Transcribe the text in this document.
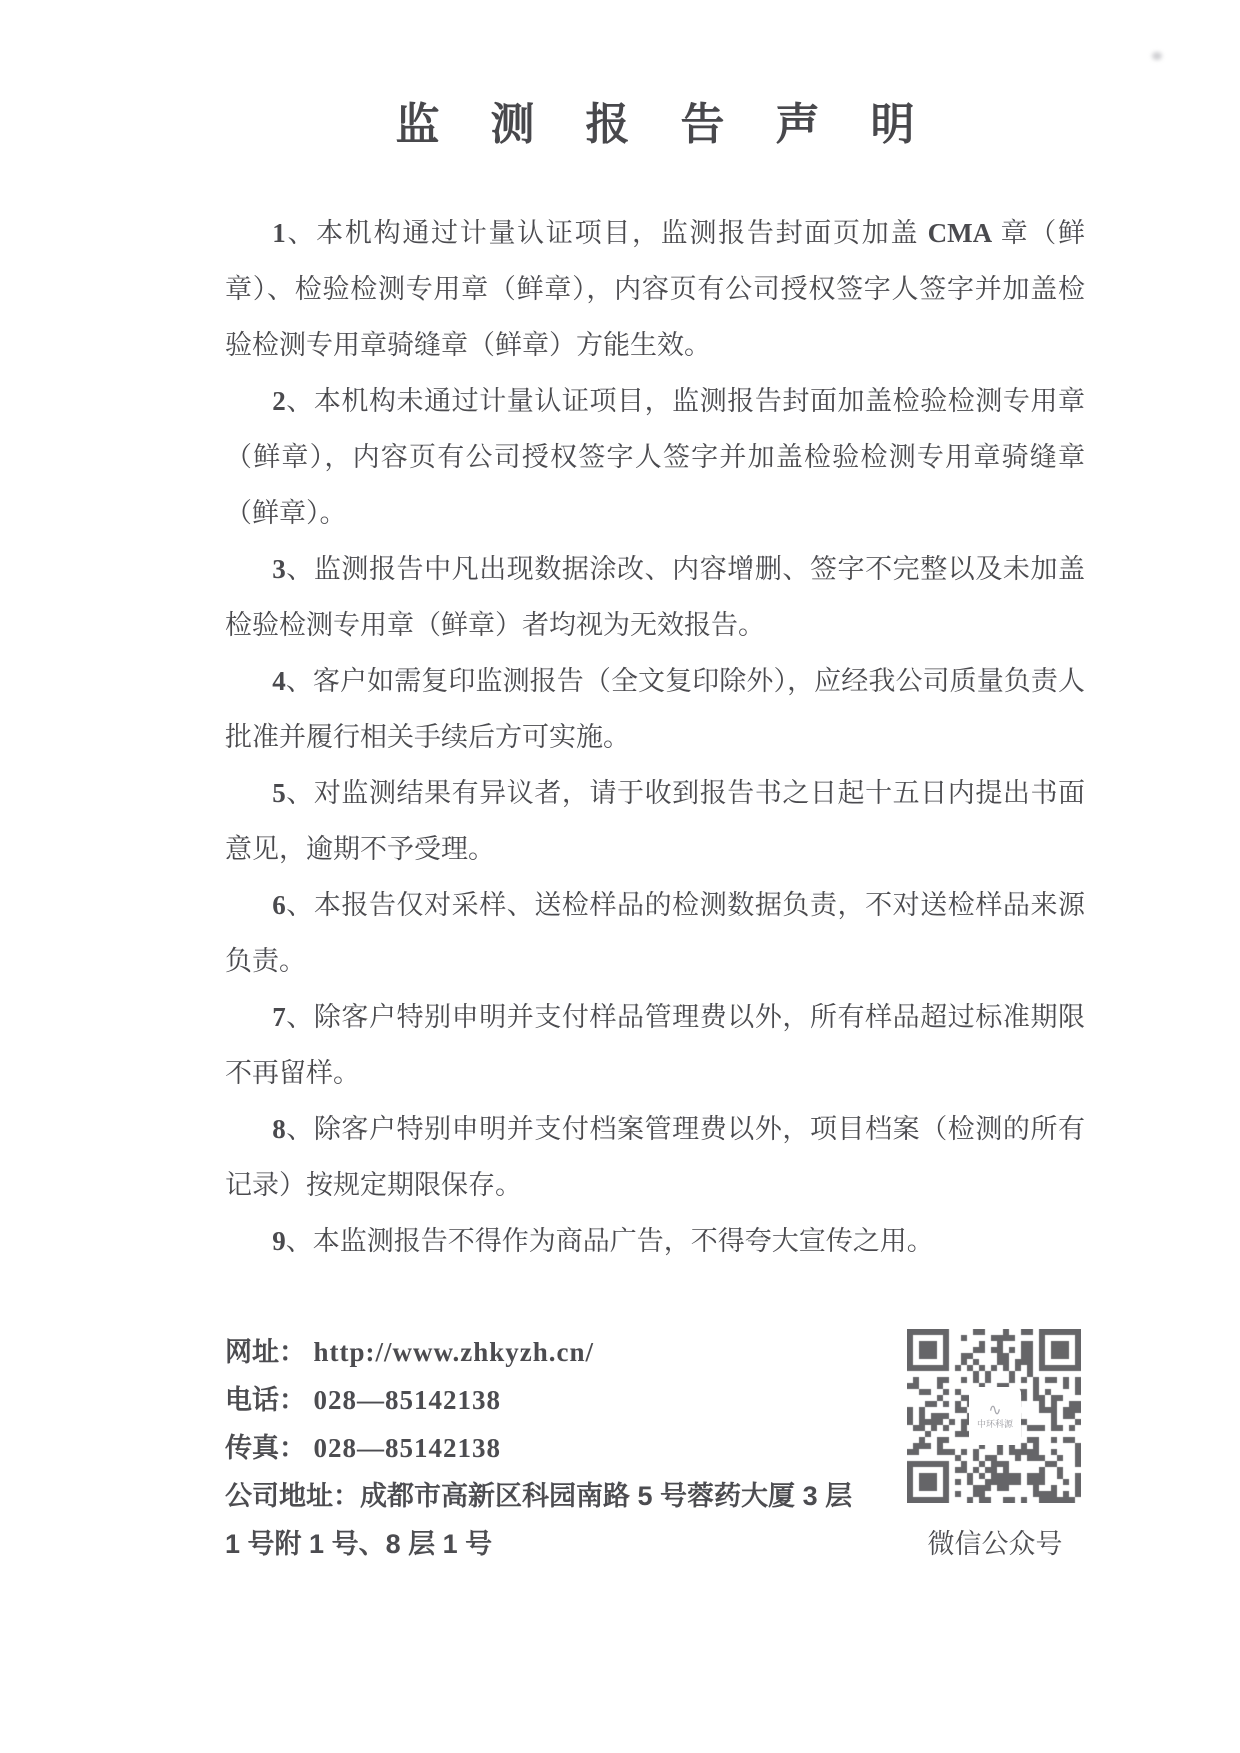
监 测 报 告 声 明

1、本机构通过计量认证项目，监测报告封面页加盖 CMA 章（鲜章）、检验检测专用章（鲜章），内容页有公司授权签字人签字并加盖检验检测专用章骑缝章（鲜章）方能生效。

2、本机构未通过计量认证项目，监测报告封面加盖检验检测专用章（鲜章），内容页有公司授权签字人签字并加盖检验检测专用章骑缝章（鲜章）。

3、监测报告中凡出现数据涂改、内容增删、签字不完整以及未加盖检验检测专用章（鲜章）者均视为无效报告。

4、客户如需复印监测报告（全文复印除外），应经我公司质量负责人批准并履行相关手续后方可实施。

5、对监测结果有异议者，请于收到报告书之日起十五日内提出书面意见，逾期不予受理。

6、本报告仅对采样、送检样品的检测数据负责，不对送检样品来源负责。

7、除客户特别申明并支付样品管理费以外，所有样品超过标准期限不再留样。

8、除客户特别申明并支付档案管理费以外，项目档案（检测的所有记录）按规定期限保存。

9、本监测报告不得作为商品广告，不得夸大宣传之用。

网址： http://www.zhkyzh.cn/
电话： 028—85142138
传真： 028—85142138
公司地址：成都市高新区科园南路 5 号蓉药大厦 3 层 1 号附 1 号、8 层 1 号
∿
中环科源
微信公众号
